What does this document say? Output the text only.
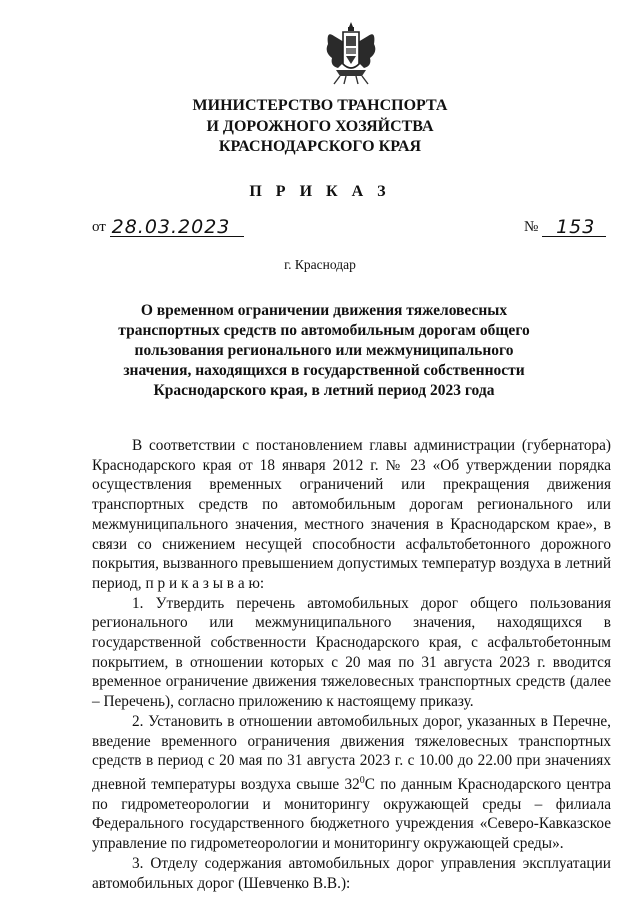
МИНИСТЕРСТВО ТРАНСПОРТА
И ДОРОЖНОГО ХОЗЯЙСТВА
КРАСНОДАРСКОГО КРАЯ
П Р И К А З
от 28.03.2023	№ 153
г. Краснодар
О временном ограничении движения тяжеловесных
транспортных средств по автомобильным дорогам общего
пользования регионального или межмуниципального
значения, находящихся в государственной собственности
Краснодарского края, в летний период 2023 года

В соответствии с постановлением главы администрации (губернатора) Краснодарского края от 18 января 2012 г. № 23 «Об утверждении порядка осуществления временных ограничений или прекращения движения транспортных средств по автомобильным дорогам регионального или межмуниципального значения, местного значения в Краснодарском крае», в связи со снижением несущей способности асфальтобетонного дорожного покрытия, вызванного превышением допустимых температур воздуха в летний период, п р и к а з ы в а ю:

1. Утвердить перечень автомобильных дорог общего пользования регионального или межмуниципального значения, находящихся в государственной собственности Краснодарского края, с асфальтобетонным покрытием, в отношении которых с 20 мая по 31 августа 2023 г. вводится временное ограничение движения тяжеловесных транспортных средств (далее – Перечень), согласно приложению к настоящему приказу.

2. Установить в отношении автомобильных дорог, указанных в Перечне, введение временного ограничения движения тяжеловесных транспортных средств в период с 20 мая по 31 августа 2023 г. с 10.00 до 22.00 при значениях дневной температуры воздуха свыше $32^0С$ по данным Краснодарского центра по гидрометеорологии и мониторингу окружающей среды – филиала Федерального государственного бюджетного учреждения «Северо-Кавказское управление по гидрометеорологии и мониторингу окружающей среды».

3. Отделу содержания автомобильных дорог управления эксплуатации автомобильных дорог (Шевченко В.В.):
